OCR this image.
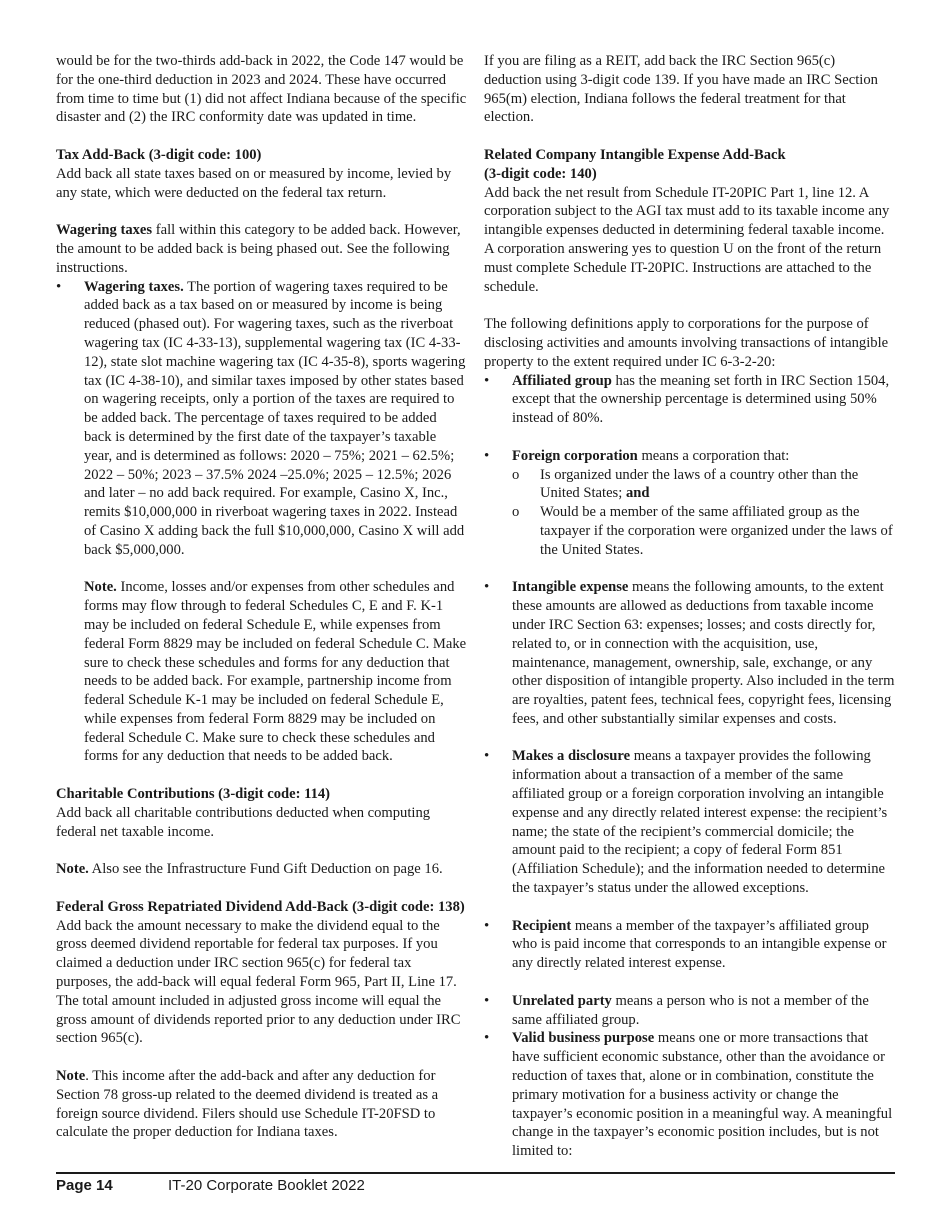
would be for the two-thirds add-back in 2022, the Code 147 would be for the one-third deduction in 2023 and 2024. These have occurred from time to time but (1) did not affect Indiana because of the specific disaster and (2) the IRC conformity date was updated in time.

Tax Add-Back (3-digit code: 100)

Add back all state taxes based on or measured by income, levied by any state, which were deducted on the federal tax return.

Wagering taxes fall within this category to be added back. However, the amount to be added back is being phased out. See the following instructions.

• Wagering taxes. The portion of wagering taxes required to be added back as a tax based on or measured by income is being reduced (phased out). For wagering taxes, such as the riverboat wagering tax (IC 4-33-13), supplemental wagering tax (IC 4-33-12), state slot machine wagering tax (IC 4-35-8), sports wagering tax (IC 4-38-10), and similar taxes imposed by other states based on wagering receipts, only a portion of the taxes are required to be added back. The percentage of taxes required to be added back is determined by the first date of the taxpayer’s taxable year, and is determined as follows: 2020 – 75%; 2021 – 62.5%; 2022 – 50%; 2023 – 37.5% 2024 –25.0%; 2025 – 12.5%; 2026 and later – no add back required. For example, Casino X, Inc., remits $10,000,000 in riverboat wagering taxes in 2022. Instead of Casino X adding back the full $10,000,000, Casino X will add back $5,000,000.

Note. Income, losses and/or expenses from other schedules and forms may flow through to federal Schedules C, E and F. K-1 may be included on federal Schedule E, while expenses from federal Form 8829 may be included on federal Schedule C. Make sure to check these schedules and forms for any deduction that needs to be added back. For example, partnership income from federal Schedule K-1 may be included on federal Schedule E, while expenses from federal Form 8829 may be included on federal Schedule C. Make sure to check these schedules and forms for any deduction that needs to be added back.

Charitable Contributions (3-digit code: 114)

Add back all charitable contributions deducted when computing federal net taxable income.

Note. Also see the Infrastructure Fund Gift Deduction on page 16.

Federal Gross Repatriated Dividend Add-Back (3-digit code: 138)

Add back the amount necessary to make the dividend equal to the gross deemed dividend reportable for federal tax purposes. If you claimed a deduction under IRC section 965(c) for federal tax purposes, the add-back will equal federal Form 965, Part II, Line 17. The total amount included in adjusted gross income will equal the gross amount of dividends reported prior to any deduction under IRC section 965(c).

Note. This income after the add-back and after any deduction for Section 78 gross-up related to the deemed dividend is treated as a foreign source dividend. Filers should use Schedule IT-20FSD to calculate the proper deduction for Indiana taxes.

If you are filing as a REIT, add back the IRC Section 965(c) deduction using 3-digit code 139. If you have made an IRC Section 965(m) election, Indiana follows the federal treatment for that election.

Related Company Intangible Expense Add-Back
(3-digit code: 140)

Add back the net result from Schedule IT-20PIC Part 1, line 12. A corporation subject to the AGI tax must add to its taxable income any intangible expenses deducted in determining federal taxable income. A corporation answering yes to question U on the front of the return must complete Schedule IT-20PIC. Instructions are attached to the schedule.

The following definitions apply to corporations for the purpose of disclosing activities and amounts involving transactions of intangible property to the extent required under IC 6-3-2-20:

• Affiliated group has the meaning set forth in IRC Section 1504, except that the ownership percentage is determined using 50% instead of 80%.
• Foreign corporation means a corporation that:
o Is organized under the laws of a country other than the United States; and
o Would be a member of the same affiliated group as the taxpayer if the corporation were organized under the laws of the United States.
• Intangible expense means the following amounts, to the extent these amounts are allowed as deductions from taxable income under IRC Section 63: expenses; losses; and costs directly for, related to, or in connection with the acquisition, use, maintenance, management, ownership, sale, exchange, or any other disposition of intangible property. Also included in the term are royalties, patent fees, technical fees, copyright fees, licensing fees, and other substantially similar expenses and costs.
• Makes a disclosure means a taxpayer provides the following information about a transaction of a member of the same affiliated group or a foreign corporation involving an intangible expense and any directly related interest expense: the recipient’s name; the state of the recipient’s commercial domicile; the amount paid to the recipient; a copy of federal Form 851 (Affiliation Schedule); and the information needed to determine the taxpayer’s status under the allowed exceptions.
• Recipient means a member of the taxpayer’s affiliated group who is paid income that corresponds to an intangible expense or any directly related interest expense.
• Unrelated party means a person who is not a member of the same affiliated group.
• Valid business purpose means one or more transactions that have sufficient economic substance, other than the avoidance or reduction of taxes that, alone or in combination, constitute the primary motivation for a business activity or change the taxpayer’s economic position in a meaningful way. A meaningful change in the taxpayer’s economic position includes, but is not limited to:
Page 14	IT-20 Corporate Booklet 2022
